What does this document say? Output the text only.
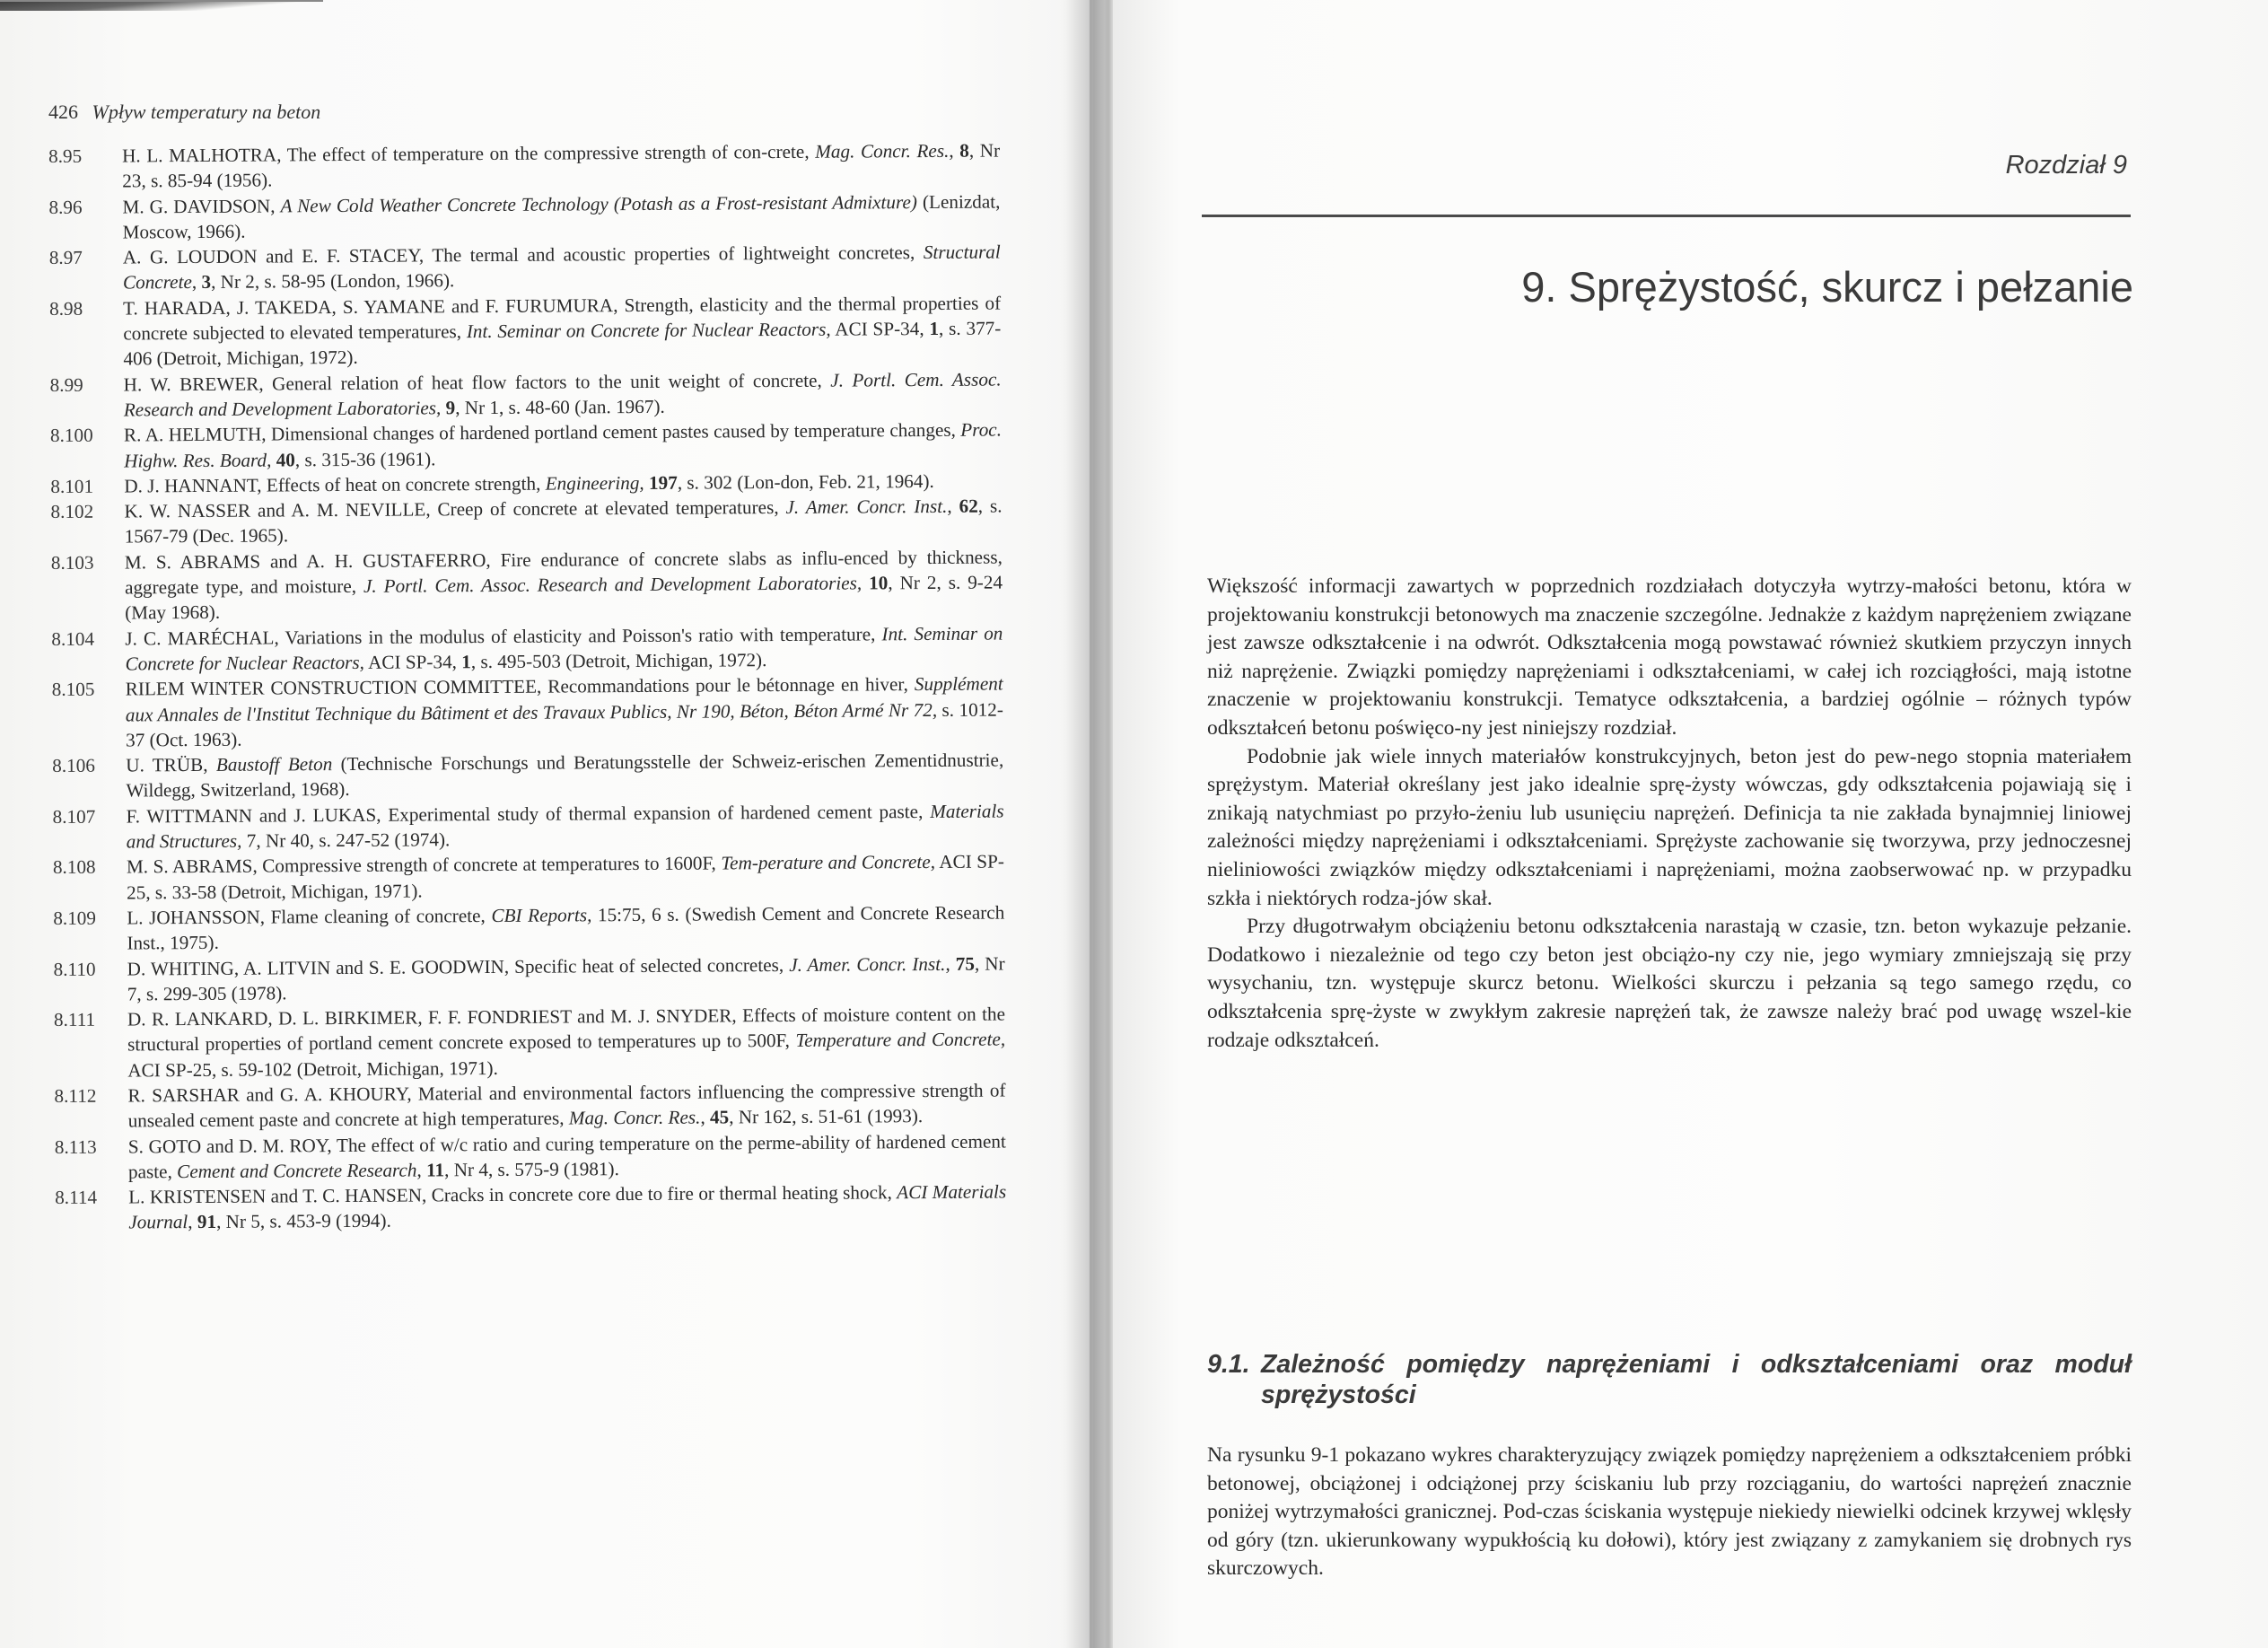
426 Wpływ temperatury na beton
8.95	H. L. MALHOTRA, The effect of temperature on the compressive strength of con-crete, Mag. Concr. Res., 8, Nr 23, s. 85-94 (1956).
8.96	M. G. DAVIDSON, A New Cold Weather Concrete Technology (Potash as a Frost-resistant Admixture) (Lenizdat, Moscow, 1966).
8.97	A. G. LOUDON and E. F. STACEY, The termal and acoustic properties of lightweight concretes, Structural Concrete, 3, Nr 2, s. 58-95 (London, 1966).
8.98	T. HARADA, J. TAKEDA, S. YAMANE and F. FURUMURA, Strength, elasticity and the thermal properties of concrete subjected to elevated temperatures, Int. Seminar on Concrete for Nuclear Reactors, ACI SP-34, 1, s. 377-406 (Detroit, Michigan, 1972).
8.99	H. W. BREWER, General relation of heat flow factors to the unit weight of concrete, J. Portl. Cem. Assoc. Research and Development Laboratories, 9, Nr 1, s. 48-60 (Jan. 1967).
8.100	R. A. HELMUTH, Dimensional changes of hardened portland cement pastes caused by temperature changes, Proc. Highw. Res. Board, 40, s. 315-36 (1961).
8.101	D. J. HANNANT, Effects of heat on concrete strength, Engineering, 197, s. 302 (Lon-don, Feb. 21, 1964).
8.102	K. W. NASSER and A. M. NEVILLE, Creep of concrete at elevated temperatures, J. Amer. Concr. Inst., 62, s. 1567-79 (Dec. 1965).
8.103	M. S. ABRAMS and A. H. GUSTAFERRO, Fire endurance of concrete slabs as influ-enced by thickness, aggregate type, and moisture, J. Portl. Cem. Assoc. Research and Development Laboratories, 10, Nr 2, s. 9-24 (May 1968).
8.104	J. C. MARÉCHAL, Variations in the modulus of elasticity and Poisson's ratio with temperature, Int. Seminar on Concrete for Nuclear Reactors, ACI SP-34, 1, s. 495-503 (Detroit, Michigan, 1972).
8.105	RILEM WINTER CONSTRUCTION COMMITTEE, Recommandations pour le bétonnage en hiver, Supplément aux Annales de l'Institut Technique du Bâtiment et des Travaux Publics, Nr 190, Béton, Béton Armé Nr 72, s. 1012-37 (Oct. 1963).
8.106	U. TRÜB, Baustoff Beton (Technische Forschungs und Beratungsstelle der Schweiz-erischen Zementidnustrie, Wildegg, Switzerland, 1968).
8.107	F. WITTMANN and J. LUKAS, Experimental study of thermal expansion of hardened cement paste, Materials and Structures, 7, Nr 40, s. 247-52 (1974).
8.108	M. S. ABRAMS, Compressive strength of concrete at temperatures to 1600F, Tem-perature and Concrete, ACI SP-25, s. 33-58 (Detroit, Michigan, 1971).
8.109	L. JOHANSSON, Flame cleaning of concrete, CBI Reports, 15:75, 6 s. (Swedish Cement and Concrete Research Inst., 1975).
8.110	D. WHITING, A. LITVIN and S. E. GOODWIN, Specific heat of selected concretes, J. Amer. Concr. Inst., 75, Nr 7, s. 299-305 (1978).
8.111	D. R. LANKARD, D. L. BIRKIMER, F. F. FONDRIEST and M. J. SNYDER, Effects of moisture content on the structural properties of portland cement concrete exposed to temperatures up to 500F, Temperature and Concrete, ACI SP-25, s. 59-102 (Detroit, Michigan, 1971).
8.112	R. SARSHAR and G. A. KHOURY, Material and environmental factors influencing the compressive strength of unsealed cement paste and concrete at high temperatures, Mag. Concr. Res., 45, Nr 162, s. 51-61 (1993).
8.113	S. GOTO and D. M. ROY, The effect of w/c ratio and curing temperature on the perme-ability of hardened cement paste, Cement and Concrete Research, 11, Nr 4, s. 575-9 (1981).
8.114	L. KRISTENSEN and T. C. HANSEN, Cracks in concrete core due to fire or thermal heating shock, ACI Materials Journal, 91, Nr 5, s. 453-9 (1994).
Rozdział 9
9. Sprężystość, skurcz i pełzanie

Większość informacji zawartych w poprzednich rozdziałach dotyczyła wytrzy-małości betonu, która w projektowaniu konstrukcji betonowych ma znaczenie szczególne. Jednakże z każdym naprężeniem związane jest zawsze odkształcenie i na odwrót. Odkształcenia mogą powstawać również skutkiem przyczyn innych niż naprężenie. Związki pomiędzy naprężeniami i odkształceniami, w całej ich rozciągłości, mają istotne znaczenie w projektowaniu konstrukcji. Tematyce odkształcenia, a bardziej ogólnie – różnych typów odkształceń betonu poświęco-ny jest niniejszy rozdział.

Podobnie jak wiele innych materiałów konstrukcyjnych, beton jest do pew-nego stopnia materiałem sprężystym. Materiał określany jest jako idealnie sprę-żysty wówczas, gdy odkształcenia pojawiają się i znikają natychmiast po przyło-żeniu lub usunięciu naprężeń. Definicja ta nie zakłada bynajmniej liniowej zależności między naprężeniami i odkształceniami. Sprężyste zachowanie się tworzywa, przy jednoczesnej nieliniowości związków między odkształceniami i naprężeniami, można zaobserwować np. w przypadku szkła i niektórych rodza-jów skał.

Przy długotrwałym obciążeniu betonu odkształcenia narastają w czasie, tzn. beton wykazuje pełzanie. Dodatkowo i niezależnie od tego czy beton jest obciążo-ny czy nie, jego wymiary zmniejszają się przy wysychaniu, tzn. występuje skurcz betonu. Wielkości skurczu i pełzania są tego samego rzędu, co odkształcenia sprę-żyste w zwykłym zakresie naprężeń tak, że zawsze należy brać pod uwagę wszel-kie rodzaje odkształceń.

9.1. Zależność pomiędzy naprężeniami i odkształceniami oraz moduł sprężystości

Na rysunku 9-1 pokazano wykres charakteryzujący związek pomiędzy naprężeniem a odkształceniem próbki betonowej, obciążonej i odciążonej przy ściskaniu lub przy rozciąganiu, do wartości naprężeń znacznie poniżej wytrzymałości granicznej. Pod-czas ściskania występuje niekiedy niewielki odcinek krzywej wklęsły od góry (tzn. ukierunkowany wypukłością ku dołowi), który jest związany z zamykaniem się drobnych rys skurczowych.
